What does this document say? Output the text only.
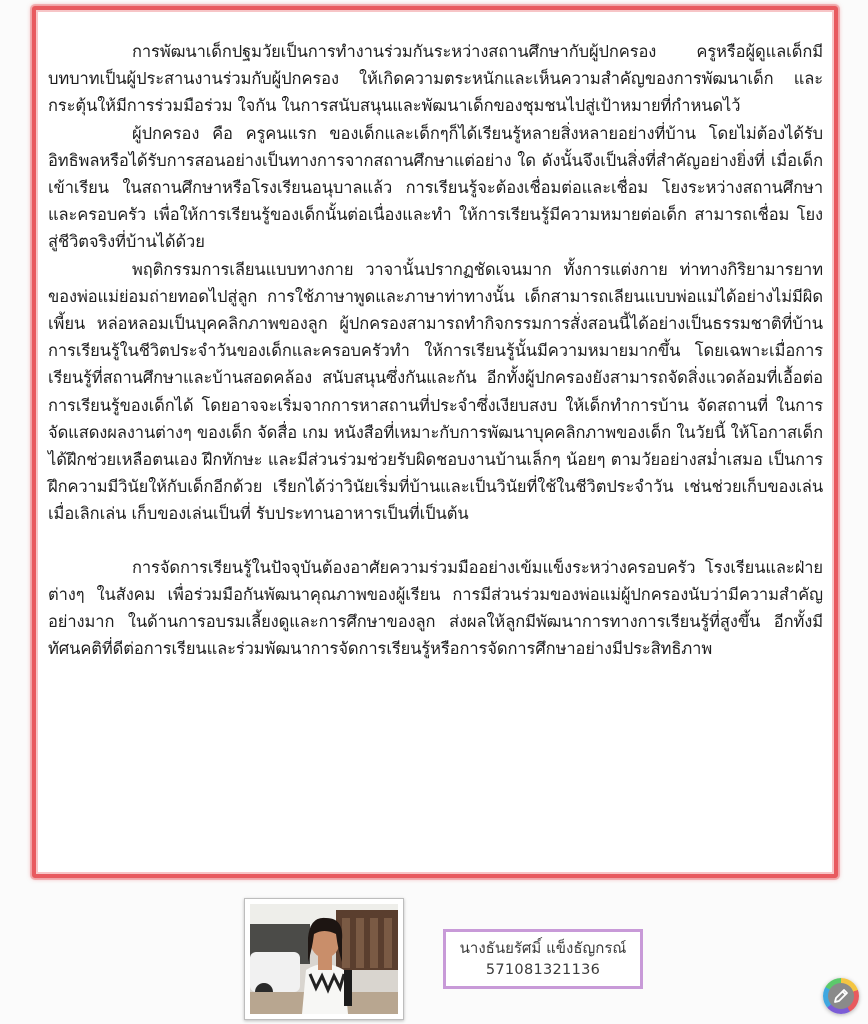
การพัฒนาเด็กปฐมวัยเป็นการทำงานร่วมกันระหว่างสถานศึกษากับผู้ปกครอง ครูหรือผู้ดูแลเด็กมีบทบาทเป็นผู้ประสานงานร่วมกับผู้ปกครอง ให้เกิดความตระหนักและเห็นความสำคัญของการพัฒนาเด็ก และกระตุ้นให้มีการร่วมมือร่วม ใจกัน ในการสนับสนุนและพัฒนาเด็กของชุมชนไปสู่เป้าหมายที่กำหนดไว้

ผู้ปกครอง คือ ครูคนแรก ของเด็กและเด็กๆก็ได้เรียนรู้หลายสิ่งหลายอย่างที่บ้าน โดยไม่ต้องได้รับอิทธิพลหรือได้รับการสอนอย่างเป็นทางการจากสถานศึกษาแต่อย่าง ใด ดังนั้นจึงเป็นสิ่งที่สำคัญอย่างยิ่งที่ เมื่อเด็กเข้าเรียน ในสถานศึกษาหรือโรงเรียนอนุบาลแล้ว การเรียนรู้จะต้องเชื่อมต่อและเชื่อม โยงระหว่างสถานศึกษาและครอบครัว เพื่อให้การเรียนรู้ของเด็กนั้นต่อเนื่องและทำ ให้การเรียนรู้มีความหมายต่อเด็ก สามารถเชื่อม โยงสู่ชีวิตจริงที่บ้านได้ด้วย

พฤติกรรมการเลียนแบบทางกาย วาจานั้นปรากฏชัดเจนมาก ทั้งการแต่งกาย ท่าทางกิริยามารยาทของพ่อแม่ย่อมถ่ายทอดไปสู่ลูก การใช้ภาษาพูดและภาษาท่าทางนั้น เด็กสามารถเลียนแบบพ่อแม่ได้อย่างไม่มีผิดเพี้ยน หล่อหลอมเป็นบุคคลิกภาพของลูก ผู้ปกครองสามารถทำกิจกรรมการสั่งสอนนี้ได้อย่างเป็นธรรมชาติที่บ้าน การเรียนรู้ในชีวิตประจำวันของเด็กและครอบครัวทำ ให้การเรียนรู้นั้นมีความหมายมากขึ้น โดยเฉพาะเมื่อการเรียนรู้ที่สถานศึกษาและบ้านสอดคล้อง สนับสนุนซึ่งกันและกัน อีกทั้งผู้ปกครองยังสามารถจัดสิ่งแวดล้อมที่เอื้อต่อการเรียนรู้ของเด็กได้ โดยอาจจะเริ่มจากการหาสถานที่ประจำซึ่งเงียบสงบ ให้เด็กทำการบ้าน จัดสถานที่ ในการจัดแสดงผลงานต่างๆ ของเด็ก จัดสื่อ เกม หนังสือที่เหมาะกับการพัฒนาบุคคลิกภาพของเด็ก ในวัยนี้ ให้โอกาสเด็กได้ฝึกช่วยเหลือตนเอง ฝึกทักษะ และมีส่วนร่วมช่วยรับผิดชอบงานบ้านเล็กๆ น้อยๆ ตามวัยอย่างสม่ำเสมอ เป็นการฝึกความมีวินัยให้กับเด็กอีกด้วย เรียกได้ว่าวินัยเริ่มที่บ้านและเป็นวินัยที่ใช้ในชีวิตประจำวัน เช่นช่วยเก็บของเล่นเมื่อเลิกเล่น เก็บของเล่นเป็นที่ รับประทานอาหารเป็นที่เป็นต้น

การจัดการเรียนรู้ในปัจจุบันต้องอาศัยความร่วมมืออย่างเข้มแข็งระหว่างครอบครัว โรงเรียนและฝ่ายต่างๆ ในสังคม เพื่อร่วมมือกันพัฒนาคุณภาพของผู้เรียน การมีส่วนร่วมของพ่อแม่ผู้ปกครองนับว่ามีความสำคัญอย่างมาก ในด้านการอบรมเลี้ยงดูและการศึกษาของลูก ส่งผลให้ลูกมีพัฒนาการทางการเรียนรู้ที่สูงขึ้น อีกทั้งมีทัศนคติที่ดีต่อการเรียนและร่วมพัฒนาการจัดการเรียนรู้หรือการจัดการศึกษาอย่างมีประสิทธิภาพ

นางธันยรัศมิ์ แข็งธัญกรณ์
571081321136
